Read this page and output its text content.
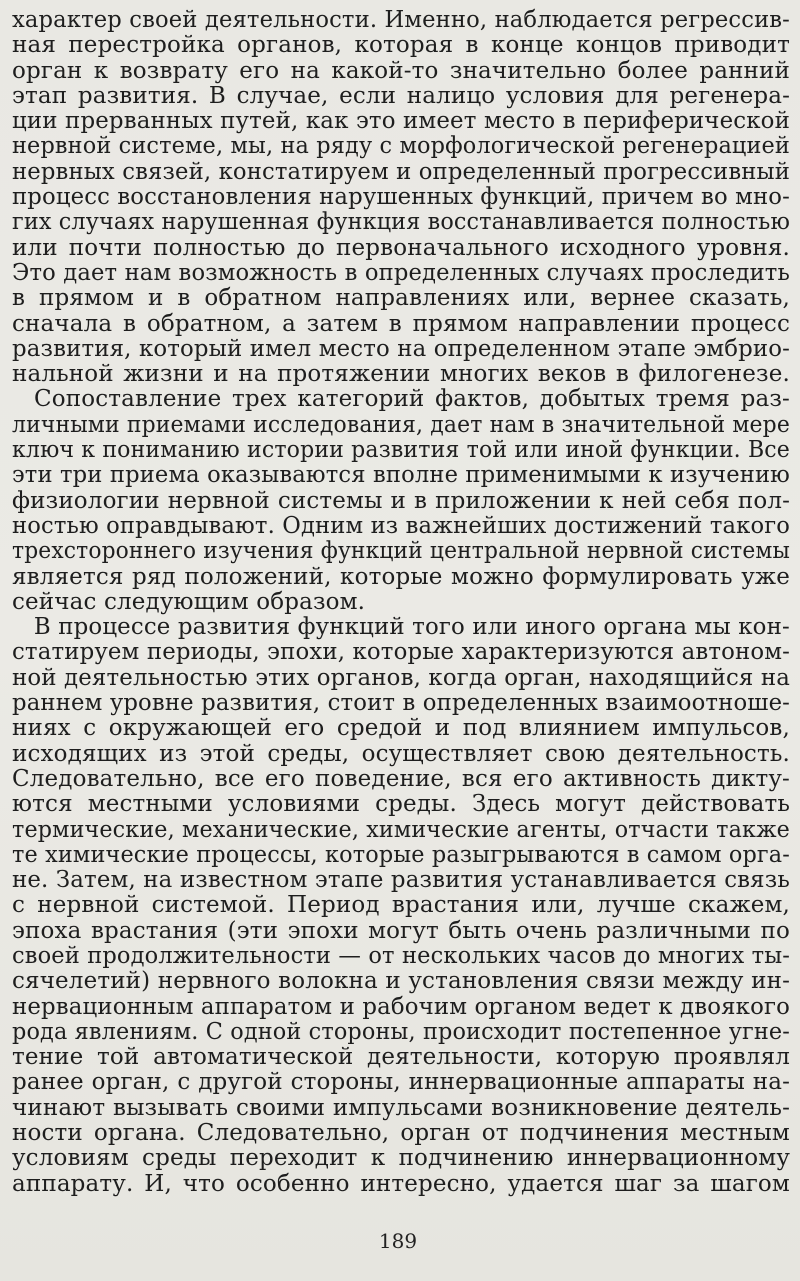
характер своей деятельности. Именно, наблюдается регрессив-
ная перестройка органов, которая в конце концов приводит
орган к возврату его на какой-то значительно более ранний
этап развития. В случае, если налицо условия для регенера-
ции прерванных путей, как это имеет место в периферической
нервной системе, мы, на ряду с морфологической регенерацией
нервных связей, констатируем и определенный прогрессивный
процесс восстановления нарушенных функций, причем во мно-
гих случаях нарушенная функция восстанавливается полностью
или почти полностью до первоначального исходного уровня.
Это дает нам возможность в определенных случаях проследить
в прямом и в обратном направлениях или, вернее сказать,
сначала в обратном, а затем в прямом направлении процесс
развития, который имел место на определенном этапе эмбрио-
нальной жизни и на протяжении многих веков в филогенезе.
Сопоставление трех категорий фактов, добытых тремя раз-
личными приемами исследования, дает нам в значительной мере
ключ к пониманию истории развития той или иной функции. Все
эти три приема оказываются вполне применимыми к изучению
физиологии нервной системы и в приложении к ней себя пол-
ностью оправдывают. Одним из важнейших достижений такого
трехстороннего изучения функций центральной нервной системы
является ряд положений, которые можно формулировать уже
сейчас следующим образом.
В процессе развития функций того или иного органа мы кон-
статируем периоды, эпохи, которые характеризуются автоном-
ной деятельностью этих органов, когда орган, находящийся на
раннем уровне развития, стоит в определенных взаимоотноше-
ниях с окружающей его средой и под влиянием импульсов,
исходящих из этой среды, осуществляет свою деятельность.
Следовательно, все его поведение, вся его активность дикту-
ются местными условиями среды. Здесь могут действовать
термические, механические, химические агенты, отчасти также
те химические процессы, которые разыгрываются в самом орга-
не. Затем, на известном этапе развития устанавливается связь
с нервной системой. Период врастания или, лучше скажем,
эпоха врастания (эти эпохи могут быть очень различными по
своей продолжительности — от нескольких часов до многих ты-
сячелетий) нервного волокна и установления связи между ин-
нервационным аппаратом и рабочим органом ведет к двоякого
рода явлениям. С одной стороны, происходит постепенное угне-
тение той автоматической деятельности, которую проявлял
ранее орган, с другой стороны, иннервационные аппараты на-
чинают вызывать своими импульсами возникновение деятель-
ности органа. Следовательно, орган от подчинения местным
условиям среды переходит к подчинению иннервационному
аппарату. И, что особенно интересно, удается шаг за шагом
189
